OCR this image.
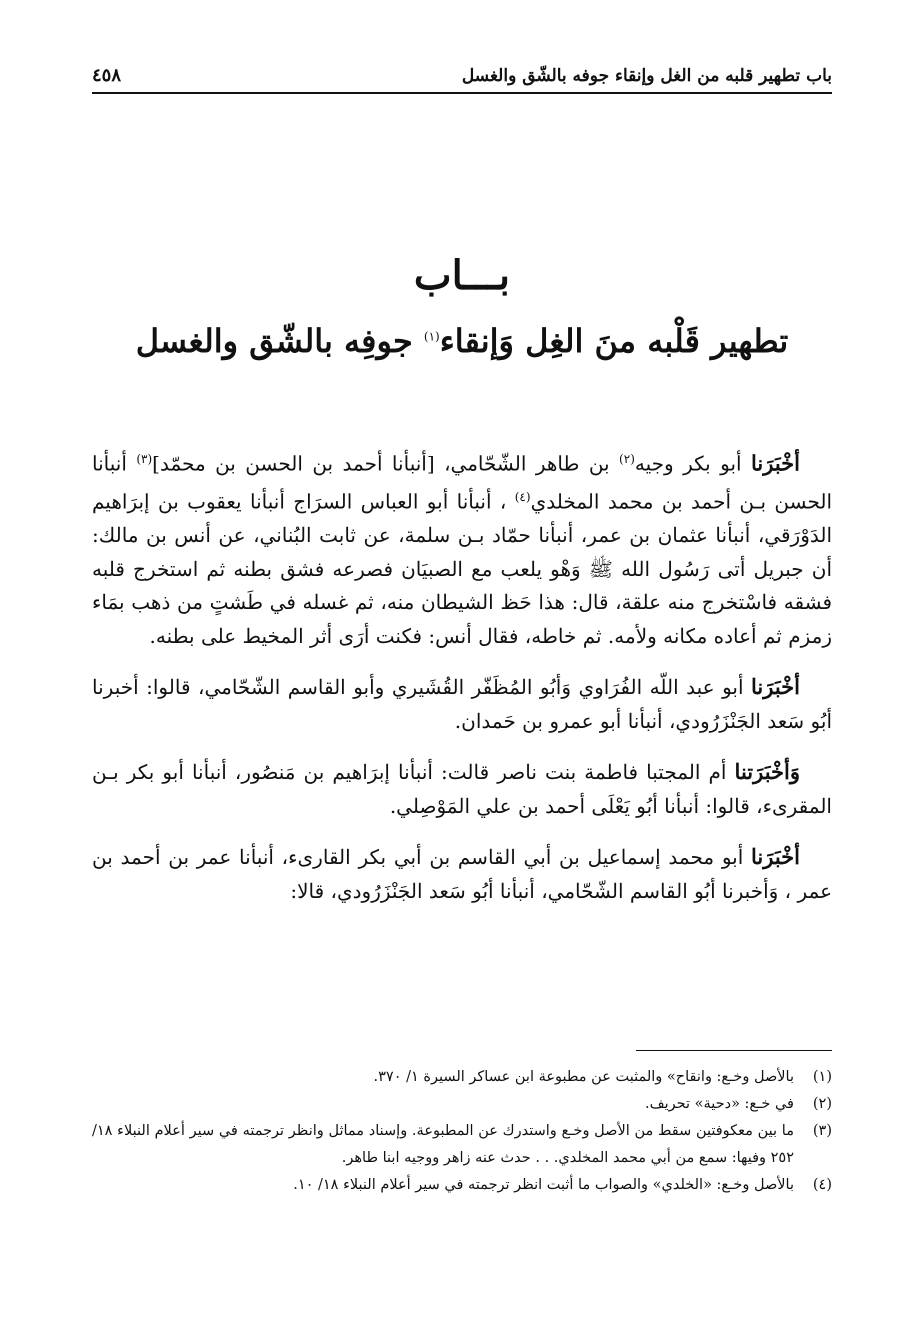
باب تطهير قلبه من الغل وإنقاء جوفه بالشّق والغسل
٤٥٨
بـــاب
تطهير قَلْبه منَ الغِل وَإنقاء$^{(١)}$ جوفِه بالشّق والغسل

أخْبَرَنا أبو بكر وجيه$^{(٢)}$ بن طاهر الشّحّامي، [أنبأنا أحمد بن الحسن بن محمّد]$^{(٣)}$ أنبأنا الحسن بـن أحمد بن محمد المخلدي$^{(٤)}$ ، أنبأنا أبو العباس السرَاج أنبأنا يعقوب بن إبرَاهيم الدَوْرَقي، أنبأنا عثمان بن عمر، أنبأنا حمّاد بـن سلمة، عن ثابت البُناني، عن أنس بن مالك: أن جبريل أتى رَسُول الله ﷺ وَهْو يلعب مع الصبيَان فصرعه فشق بطنه ثم استخرج قلبه فشقه فاسْتخرج منه علقة، قال: هذا حَظ الشيطان منه، ثم غسله في طَشتٍ من ذهب بمَاء زمزم ثم أعاده مكانه ولأمه. ثم خاطه، فقال أنس: فكنت أرَى أثر المخيط على بطنه.

أخْبَرَنا أبو عبد اللّه الفُرَاوي وَأبُو المُظَفّر القُشَيري وأبو القاسم الشّحّامي، قالوا: أخبرنا أبُو سَعد الجَنْزَرُودي، أنبأنا أبو عمرو بن حَمدان.

وَأخْبَرَتنا أم المجتبا فاطمة بنت ناصر قالت: أنبأنا إبرَاهيم بن مَنصُور، أنبأنا أبو بكر بـن المقرىء، قالوا: أنبأنا أبُو يَعْلَى أحمد بن علي المَوْصِلي.

أخْبَرَنا أبو محمد إسماعيل بن أبي القاسم بن أبي بكر القارىء، أنبأنا عمر بن أحمد بن عمر ، وَأخبرنا أبُو القاسم الشّحّامي، أنبأنا أبُو سَعد الجَنْزَرُودي، قالا:

(١)
بالأصل وخـع: وانقاح» والمثبت عن مطبوعة ابن عساكر السيرة ١/ ٣٧٠.
(٢)
في خـع: «دحية» تحريف.
(٣)
ما بين معكوفتين سقط من الأصل وخـع واستدرك عن المطبوعة. وإسناد مماثل وانظر ترجمته في سير أعلام النبلاء ١٨/ ٢٥٢ وفيها: سمع من أبي محمد المخلدي. . . حدث عنه زاهر ووجيه ابنا طاهر.
(٤)
بالأصل وخـع: «الخلدي» والصواب ما أثبت انظر ترجمته في سير أعلام النبلاء ١٨/ ١٠.
